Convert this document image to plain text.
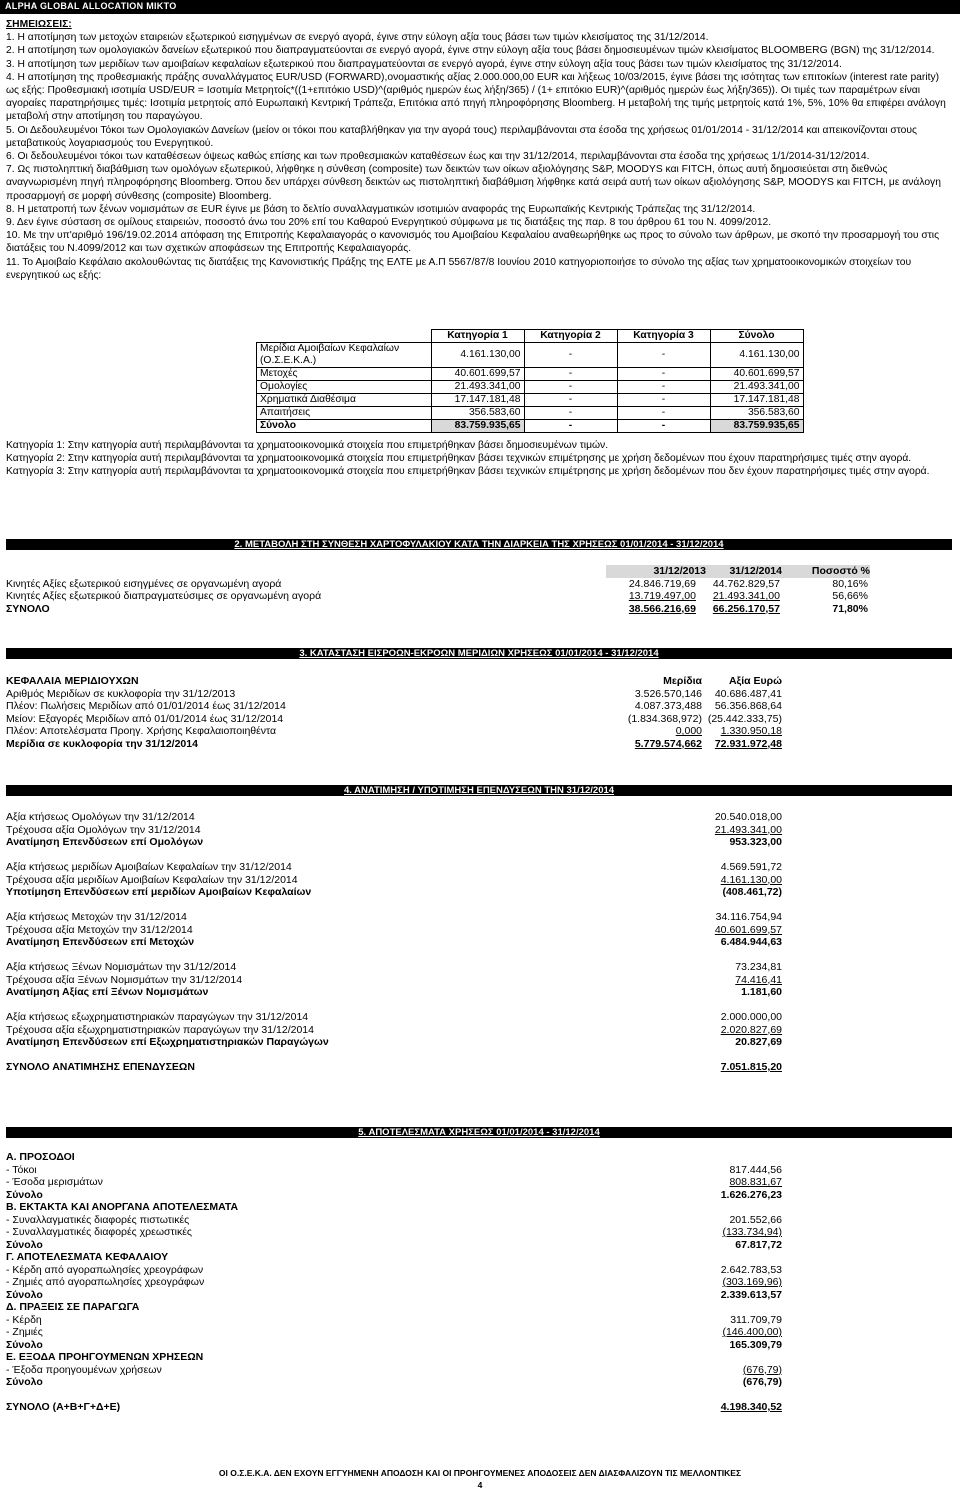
ALPHA GLOBAL ALLOCATION ΜΙΚΤΟ

ΣΗΜΕΙΩΣΕΙΣ:

1. Η αποτίμηση των μετοχών εταιρειών εξωτερικού εισηγμένων σε ενεργό αγορά, έγινε στην εύλογη αξία τους βάσει των τιμών κλεισίματος της 31/12/2014.

2. Η αποτίμηση των ομολογιακών δανείων εξωτερικού που διαπραγματεύονται σε ενεργό αγορά, έγινε στην εύλογη αξία τους βάσει δημοσιευμένων τιμών κλεισίματος BLOOMBERG (BGN) της 31/12/2014.

3. Η αποτίμηση των μεριδίων των αμοιβαίων κεφαλαίων εξωτερικού που διαπραγματεύονται σε ενεργό αγορά, έγινε στην εύλογη αξία τους βάσει των τιμών κλεισίματος της 31/12/2014.

4. Η αποτίμηση της προθεσμιακής πράξης συναλλάγματος EUR/USD (FORWARD),ονομαστικής αξίας 2.000.000,00 EUR και λήξεως 10/03/2015, έγινε βάσει της ισότητας των επιτοκίων (interest rate parity) ως εξής: Προθεσμιακή ισοτιμία USD/EUR = Ισοτιμία Μετρητοίς*((1+επιτόκιο USD)^(αριθμός ημερών έως λήξη/365) / (1+ επιτόκιο EUR)^(αριθμός ημερών έως λήξη/365)). Οι τιμές των παραμέτρων είναι αγοραίες παρατηρήσιμες τιμές: Ισοτιμία μετρητοίς από Ευρωπαική Κεντρική Τράπεζα, Επιτόκια από πηγή πληροφόρησης Bloomberg. Η μεταβολή της τιμής μετρητοίς κατά 1%, 5%, 10% θα επιφέρει ανάλογη μεταβολή στην αποτίμηση του παραγώγου.

5. Οι Δεδουλευμένοι Τόκοι των Ομολογιακών Δανείων (μείον οι τόκοι που καταβλήθηκαν για την αγορά τους) περιλαμβάνονται στα έσοδα της χρήσεως 01/01/2014 - 31/12/2014 και απεικονίζονται στους μεταβατικούς λογαριασμούς του Ενεργητικού.

6. Οι δεδουλευμένοι τόκοι των καταθέσεων όψεως καθώς επίσης και των προθεσμιακών καταθέσεων έως και την 31/12/2014, περιλαμβάνονται στα έσοδα της χρήσεως 1/1/2014-31/12/2014.

7. Ως πιστοληπτική διαβάθμιση των ομολόγων εξωτερικού, λήφθηκε η σύνθεση (composite) των δεικτών των οίκων αξιολόγησης S&P, MOODYS και FITCH, όπως αυτή δημοσιεύεται στη διεθνώς αναγνωρισμένη πηγή πληροφόρησης Bloomberg. Όπου δεν υπάρχει σύνθεση δεικτών ως πιστοληπτική διαβάθμιση λήφθηκε κατά σειρά αυτή των οίκων αξιολόγησης S&P, MOODYS και FITCH, με ανάλογη προσαρμογή σε μορφή σύνθεσης (composite) Bloomberg.

8. Η μετατροπή των ξένων νομισμάτων σε EUR έγινε με βάση το δελτίο συναλλαγματικών ισοτιμιών αναφοράς της Ευρωπαϊκής Κεντρικής Τράπεζας της 31/12/2014.

9. Δεν έγινε σύσταση σε ομίλους εταιρειών, ποσοστό άνω του 20% επί του Καθαρού Ενεργητικού σύμφωνα με τις διατάξεις της παρ. 8 του άρθρου 61 του Ν. 4099/2012.

10. Με την υπ'αριθμό 196/19.02.2014 απόφαση της Επιτροπής Κεφαλαιαγοράς ο κανονισμός του Αμοιβαίου Κεφαλαίου αναθεωρήθηκε ως προς το σύνολο των άρθρων, με σκοπό την προσαρμογή του στις διατάξεις του Ν.4099/2012 και των σχετικών αποφάσεων της Επιτροπής Κεφαλαιαγοράς.

11. Το Αμοιβαίο Κεφάλαιο ακολουθώντας τις διατάξεις της Κανονιστικής Πράξης της ΕΛΤΕ με Α.Π 5567/87/8 Ιουνίου 2010 κατηγοριοποιήσε το σύνολο της αξίας των χρηματοοικονομικών στοιχείων του ενεργητικού ως εξής:

	Κατηγορία 1	Κατηγορία 2	Κατηγορία 3	Σύνολο
Μερίδια Αμοιβαίων Κεφαλαίων (Ο.Σ.Ε.Κ.Α.)	4.161.130,00	-	-	4.161.130,00
Μετοχές	40.601.699,57	-	-	40.601.699,57
Ομολογίες	21.493.341,00	-	-	21.493.341,00
Χρηματικά Διαθέσιμα	17.147.181,48	-	-	17.147.181,48
Απαιτήσεις	356.583,60	-	-	356.583,60
Σύνολο	83.759.935,65	-	-	83.759.935,65

Κατηγορία 1: Στην κατηγορία αυτή περιλαμβάνονται τα χρηματοοικονομικά στοιχεία που επιμετρήθηκαν βάσει δημοσιευμένων τιμών.

Κατηγορία 2: Στην κατηγορία αυτή περιλαμβάνονται τα χρηματοοικονομικά στοιχεία που επιμετρήθηκαν βάσει τεχνικών επιμέτρησης με χρήση δεδομένων που έχουν παρατηρήσιμες τιμές στην αγορά.

Κατηγορία 3: Στην κατηγορία αυτή περιλαμβάνονται τα χρηματοοικονομικά στοιχεία που επιμετρήθηκαν βάσει τεχνικών επιμέτρησης με χρήση δεδομένων που δεν έχουν παρατηρήσιμες τιμές στην αγορά.

2. ΜΕΤΑΒΟΛΗ ΣΤΗ ΣΥΝΘΕΣΗ ΧΑΡΤΟΦΥΛΑΚΙΟΥ ΚΑΤΑ ΤΗΝ ΔΙΑΡΚΕΙΑ ΤΗΣ ΧΡΗΣΕΩΣ 01/01/2014 - 31/12/2014
31/12/2013	31/12/2014	Ποσοστό %
Κινητές Αξίες εξωτερικού εισηγμένες σε οργανωμένη αγορά	24.846.719,69	44.762.829,57	80,16%
Κινητές Αξίες εξωτερικού διαπραγματεύσιμες σε οργανωμένη αγορά	13.719.497,00	21.493.341,00	56,66%
ΣΥΝΟΛΟ	38.566.216,69	66.256.170,57	71,80%
3. ΚΑΤΑΣΤΑΣΗ ΕΙΣΡΟΩΝ-ΕΚΡΟΩΝ ΜΕΡΙΔΙΩΝ ΧΡΗΣΕΩΣ 01/01/2014 - 31/12/2014
ΚΕΦΑΛΑΙΑ ΜΕΡΙΔΙΟΥΧΩΝ	Μερίδια	Αξία Ευρώ
Αριθμός Μεριδίων σε κυκλοφορία την 31/12/2013	3.526.570,146	40.686.487,41
Πλέον: Πωλήσεις Μεριδίων από 01/01/2014 έως 31/12/2014	4.087.373,488	56.356.868,64
Μείον: Εξαγορές Μεριδίων από 01/01/2014 έως 31/12/2014	(1.834.368,972) (25.442.333,75)
Πλέον: Αποτελέσματα Προηγ. Χρήσης Κεφαλαιοποιηθέντα	0,000	1.330.950,18
Μερίδια σε κυκλοφορία την 31/12/2014	5.779.574,662	72.931.972,48
4. ΑΝΑΤΙΜΗΣΗ / ΥΠΟΤΙΜΗΣΗ ΕΠΕΝΔΥΣΕΩΝ ΤΗΝ 31/12/2014
Αξία κτήσεως Ομολόγων την 31/12/2014	20.540.018,00
Τρέχουσα αξία Ομολόγων την 31/12/2014	21.493.341,00
Ανατίμηση Επενδύσεων επί Ομολόγων	953.323,00
Αξία κτήσεως μεριδίων Αμοιβαίων Κεφαλαίων την 31/12/2014	4.569.591,72
Τρέχουσα αξία μεριδίων Αμοιβαίων Κεφαλαίων την 31/12/2014	4.161.130,00
Υποτίμηση Επενδύσεων επί μεριδίων Αμοιβαίων Κεφαλαίων	(408.461,72)
Αξία κτήσεως Μετοχών την 31/12/2014	34.116.754,94
Τρέχουσα αξία Μετοχών την 31/12/2014	40.601.699,57
Ανατίμηση Επενδύσεων επί Μετοχών	6.484.944,63
Αξία κτήσεως Ξένων Νομισμάτων την 31/12/2014	73.234,81
Τρέχουσα αξία Ξένων Νομισμάτων την 31/12/2014	74.416,41
Ανατίμηση Αξίας επί Ξένων Νομισμάτων	1.181,60
Αξία κτήσεως εξωχρηματιστηριακών παραγώγων την 31/12/2014	2.000.000,00
Τρέχουσα αξία εξωχρηματιστηριακών παραγώγων την 31/12/2014	2.020.827,69
Ανατίμηση Επενδύσεων επί Εξωχρηματιστηριακών Παραγώγων	20.827,69
ΣΥΝΟΛΟ ΑΝΑΤΙΜΗΣΗΣ ΕΠΕΝΔΥΣΕΩΝ	7.051.815,20
5. ΑΠΟΤΕΛΕΣΜΑΤΑ ΧΡΗΣΕΩΣ 01/01/2014 - 31/12/2014
Α. ΠΡΟΣΟΔΟΙ
- Τόκοι	817.444,56
- Έσοδα μερισμάτων	808.831,67
Σύνολο	1.626.276,23
Β. ΕΚΤΑΚΤΑ ΚΑΙ ΑΝΟΡΓΑΝΑ ΑΠΟΤΕΛΕΣΜΑΤΑ
- Συναλλαγματικές διαφορές πιστωτικές	201.552,66
- Συναλλαγματικές διαφορές χρεωστικές	(133.734,94)
Σύνολο	67.817,72
Γ. ΑΠΟΤΕΛΕΣΜΑΤΑ ΚΕΦΑΛΑΙΟΥ
- Κέρδη από αγοραπωλησίες χρεογράφων	2.642.783,53
- Ζημιές από αγοραπωλησίες χρεογράφων	(303.169,96)
Σύνολο	2.339.613,57
Δ. ΠΡΑΞΕΙΣ ΣΕ ΠΑΡΑΓΩΓΑ
- Κέρδη	311.709,79
- Ζημιές	(146.400,00)
Σύνολο	165.309,79
Ε. ΕΞΟΔΑ ΠΡΟΗΓΟΥΜΕΝΩΝ ΧΡΗΣΕΩΝ
- Έξοδα προηγουμένων χρήσεων	(676,79)
Σύνολο	(676,79)
ΣΥΝΟΛΟ (Α+Β+Γ+Δ+Ε)	4.198.340,52
ΟΙ Ο.Σ.Ε.Κ.Α. ΔΕΝ ΕΧΟΥΝ ΕΓΓΥΗΜΕΝΗ ΑΠΟΔΟΣΗ ΚΑΙ ΟΙ ΠΡΟΗΓΟΥΜΕΝΕΣ ΑΠΟΔΟΣΕΙΣ ΔΕΝ ΔΙΑΣΦΑΛΙΖΟΥΝ ΤΙΣ ΜΕΛΛΟΝΤΙΚΕΣ
4
